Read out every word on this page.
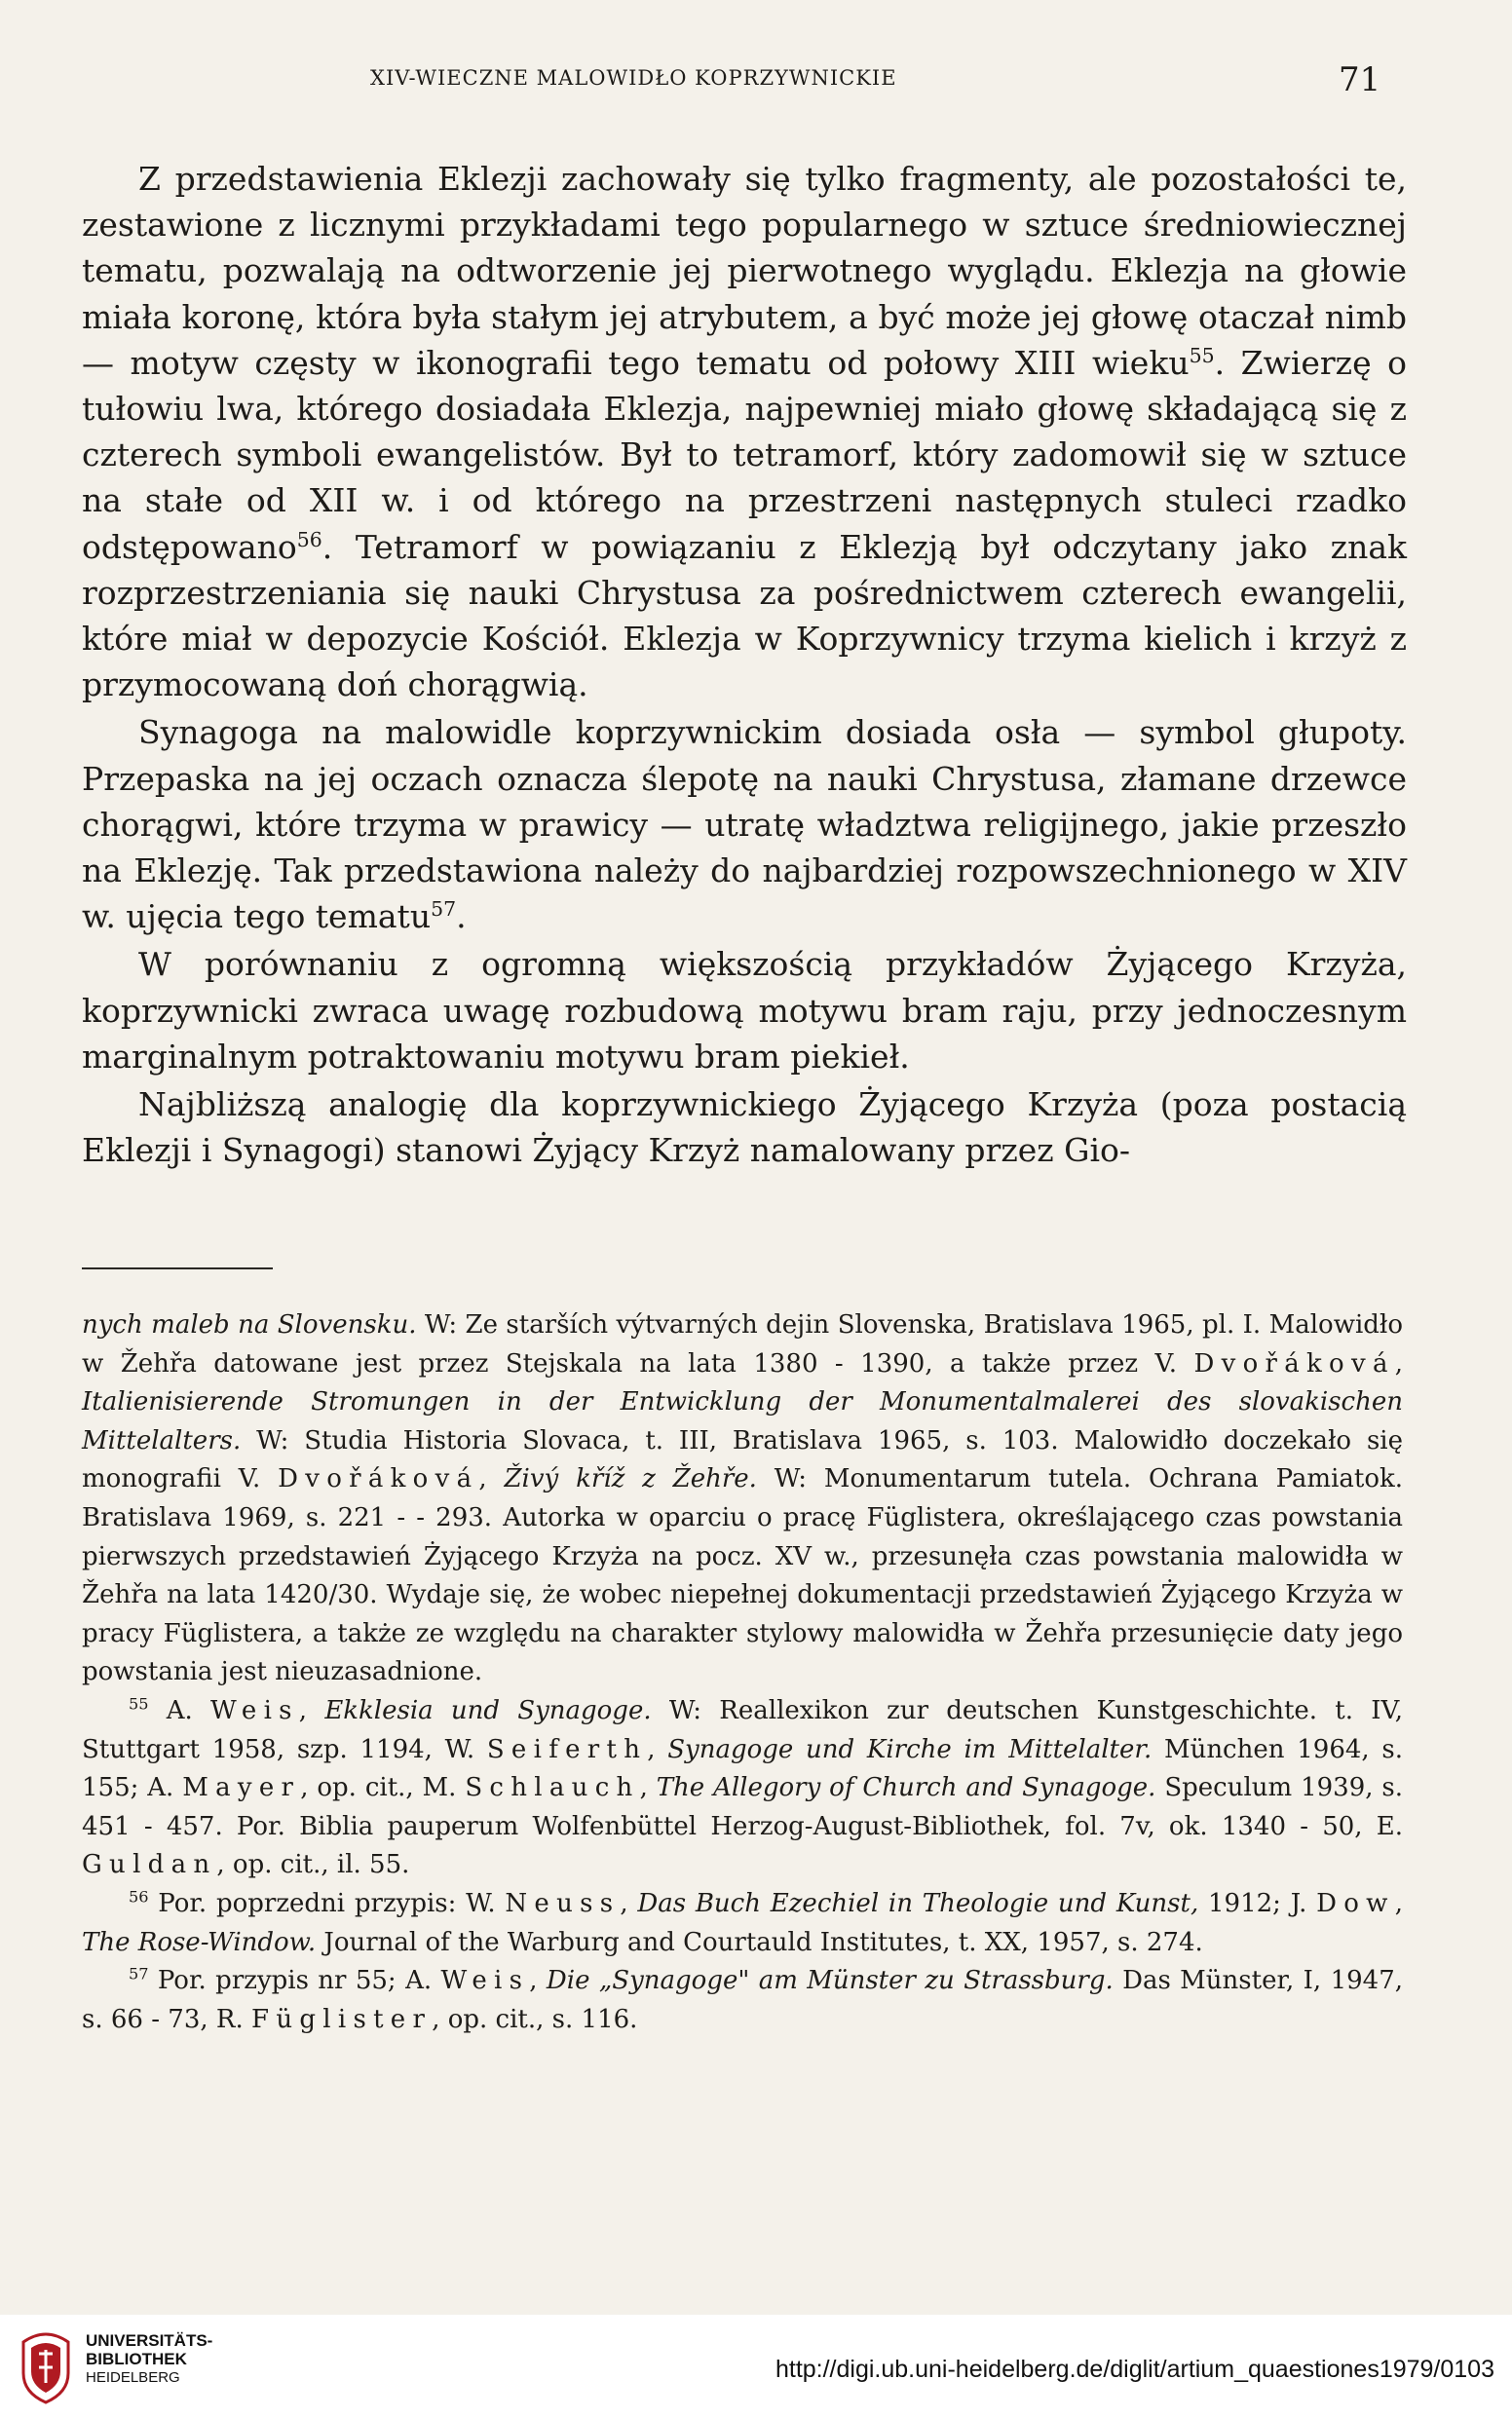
XIV-WIECZNE MALOWIDŁO KOPRZYWNICKIE	71

Z przedstawienia Eklezji zachowały się tylko fragmenty, ale pozostałości te, zestawione z licznymi przykładami tego popularnego w sztuce średniowiecznej tematu, pozwalają na odtworzenie jej pierwotnego wyglądu. Eklezja na głowie miała koronę, która była stałym jej atrybutem, a być może jej głowę otaczał nimb — motyw częsty w ikonografii tego tematu od połowy XIII wieku$^{55}$. Zwierzę o tułowiu lwa, którego dosiadała Eklezja, najpewniej miało głowę składającą się z czterech symboli ewangelistów. Był to tetramorf, który zadomowił się w sztuce na stałe od XII w. i od którego na przestrzeni następnych stuleci rzadko odstępowano$^{56}$. Tetramorf w powiązaniu z Eklezją był odczytany jako znak rozprzestrzeniania się nauki Chrystusa za pośrednictwem czterech ewangelii, które miał w depozycie Kościół. Eklezja w Koprzywnicy trzyma kielich i krzyż z przymocowaną doń chorągwią.

Synagoga na malowidle koprzywnickim dosiada osła — symbol głupoty. Przepaska na jej oczach oznacza ślepotę na nauki Chrystusa, złamane drzewce chorągwi, które trzyma w prawicy — utratę władztwa religijnego, jakie przeszło na Eklezję. Tak przedstawiona należy do najbardziej rozpowszechnionego w XIV w. ujęcia tego tematu$^{57}$.

W porównaniu z ogromną większością przykładów Żyjącego Krzyża, koprzywnicki zwraca uwagę rozbudową motywu bram raju, przy jednoczesnym marginalnym potraktowaniu motywu bram piekieł.

Najbliższą analogię dla koprzywnickiego Żyjącego Krzyża (poza postacią Eklezji i Synagogi) stanowi Żyjący Krzyż namalowany przez Gio-

nych maleb na Slovensku. W: Ze starších výtvarných dejin Slovenska, Bratislava 1965, pl. I. Malowidło w Žehřa datowane jest przez Stejskala na lata 1380 - 1390, a także przez V. Dvořáková, Italienisierende Stromungen in der Entwicklung der Monumentalmalerei des slovakischen Mittelalters. W: Studia Historia Slovaca, t. III, Bratislava 1965, s. 103. Malowidło doczekało się monografii V. Dvořáková, Živý kříž z Žehře. W: Monumentarum tutela. Ochrana Pamiatok. Bratislava 1969, s. 221 - - 293. Autorka w oparciu o pracę Füglistera, określającego czas powstania pierwszych przedstawień Żyjącego Krzyża na pocz. XV w., przesunęła czas powstania malowidła w Žehřa na lata 1420/30. Wydaje się, że wobec niepełnej dokumentacji przedstawień Żyjącego Krzyża w pracy Füglistera, a także ze względu na charakter stylowy malowidła w Žehřa przesunięcie daty jego powstania jest nieuzasadnione.

$^{55}$ A. Weis, Ekklesia und Synagoge. W: Reallexikon zur deutschen Kunstgeschichte. t. IV, Stuttgart 1958, szp. 1194, W. Seiferth, Synagoge und Kirche im Mittelalter. München 1964, s. 155; A. Mayer, op. cit., M. Schlauch, The Allegory of Church and Synagoge. Speculum 1939, s. 451 - 457. Por. Biblia pauperum Wolfenbüttel Herzog-August-Bibliothek, fol. 7v, ok. 1340 - 50, E. Guldan, op. cit., il. 55.

$^{56}$ Por. poprzedni przypis: W. Neuss, Das Buch Ezechiel in Theologie und Kunst, 1912; J. Dow, The Rose-Window. Journal of the Warburg and Courtauld Institutes, t. XX, 1957, s. 274.

$^{57}$ Por. przypis nr 55; A. Weis, Die „Synagoge" am Münster zu Strassburg. Das Münster, I, 1947, s. 66 - 73, R. Füglister, op. cit., s. 116.

UNIVERSITÄTS-
BIBLIOTHEK
HEIDELBERG	http://digi.ub.uni-heidelberg.de/diglit/artium_quaestiones1979/0103
